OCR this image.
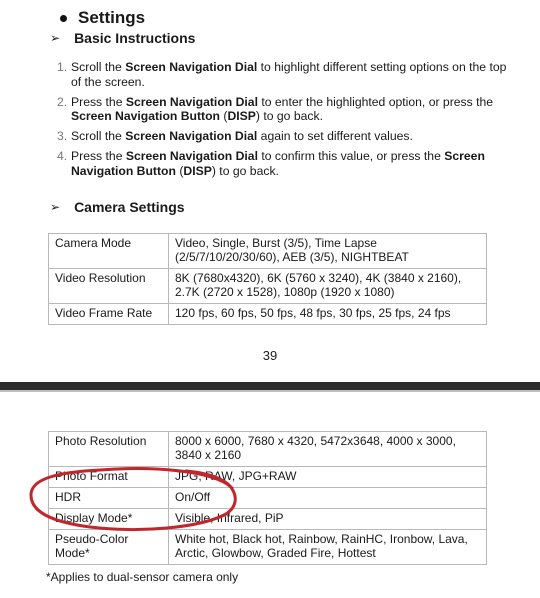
Settings
➢ Basic Instructions
1. Scroll the Screen Navigation Dial to highlight different setting options on the top of the screen.
2. Press the Screen Navigation Dial to enter the highlighted option, or press the Screen Navigation Button (DISP) to go back.
3. Scroll the Screen Navigation Dial again to set different values.
4. Press the Screen Navigation Dial to confirm this value, or press the Screen Navigation Button (DISP) to go back.
➢ Camera Settings
Camera Mode	Video, Single, Burst (3/5), Time Lapse (2/5/7/10/20/30/60), AEB (3/5), NIGHTBEAT
Video Resolution	8K (7680x4320), 6K (5760 x 3240), 4K (3840 x 2160), 2.7K (2720 x 1528), 1080p (1920 x 1080)
Video Frame Rate	120 fps, 60 fps, 50 fps, 48 fps, 30 fps, 25 fps, 24 fps
39
Photo Resolution	8000 x 6000, 7680 x 4320, 5472x3648, 4000 x 3000, 3840 x 2160
Photo Format	JPG, RAW, JPG+RAW
HDR	On/Off
Display Mode*	Visible, Infrared, PiP
Pseudo-Color Mode*	White hot, Black hot, Rainbow, RainHC, Ironbow, Lava, Arctic, Glowbow, Graded Fire, Hottest
*Applies to dual-sensor camera only
